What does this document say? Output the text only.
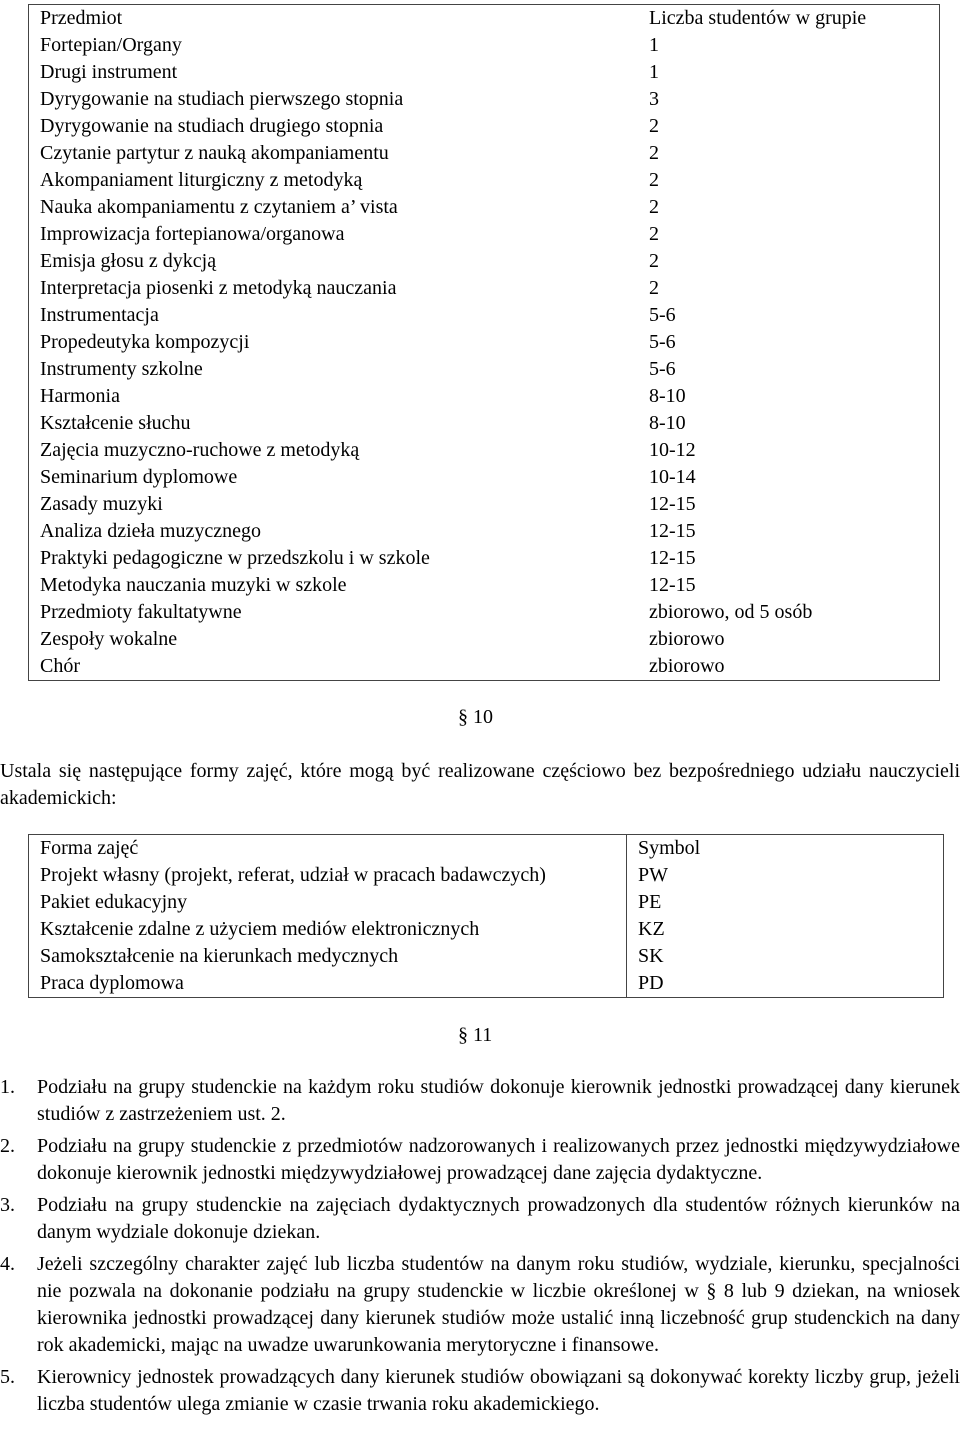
Przedmiot	Liczba studentów w grupie
Fortepian/Organy	1
Drugi instrument	1
Dyrygowanie na studiach pierwszego stopnia	3
Dyrygowanie na studiach drugiego stopnia	2
Czytanie partytur z nauką akompaniamentu	2
Akompaniament liturgiczny z metodyką	2
Nauka akompaniamentu z czytaniem a’ vista	2
Improwizacja fortepianowa/organowa	2
Emisja głosu z dykcją	2
Interpretacja piosenki z metodyką nauczania	2
Instrumentacja	5-6
Propedeutyka kompozycji	5-6
Instrumenty szkolne	5-6
Harmonia	8-10
Kształcenie słuchu	8-10
Zajęcia muzyczno-ruchowe z metodyką	10-12
Seminarium dyplomowe	10-14
Zasady muzyki	12-15
Analiza dzieła muzycznego	12-15
Praktyki pedagogiczne w przedszkolu i w szkole	12-15
Metodyka nauczania muzyki w szkole	12-15
Przedmioty fakultatywne	zbiorowo, od 5 osób
Zespoły wokalne	zbiorowo
Chór	zbiorowo
§ 10
Ustala się następujące formy zajęć, które mogą być realizowane częściowo bez bezpośredniego udziału nauczycieli akademickich:
Forma zajęć	Symbol
Projekt własny (projekt, referat, udział w pracach badawczych)	PW
Pakiet edukacyjny	PE
Kształcenie zdalne z użyciem mediów elektronicznych	KZ
Samokształcenie na kierunkach medycznych	SK
Praca dyplomowa	PD
§ 11
1. Podziału na grupy studenckie na każdym roku studiów dokonuje kierownik jednostki prowadzącej dany kierunek studiów z zastrzeżeniem ust. 2.
2. Podziału na grupy studenckie z przedmiotów nadzorowanych i realizowanych przez jednostki międzywydziałowe dokonuje kierownik jednostki międzywydziałowej prowadzącej dane zajęcia dydaktyczne.
3. Podziału na grupy studenckie na zajęciach dydaktycznych prowadzonych dla studentów różnych kierunków na danym wydziale dokonuje dziekan.
4. Jeżeli szczególny charakter zajęć lub liczba studentów na danym roku studiów, wydziale, kierunku, specjalności nie pozwala na dokonanie podziału na grupy studenckie w liczbie określonej w § 8 lub 9 dziekan, na wniosek kierownika jednostki prowadzącej dany kierunek studiów może ustalić inną liczebność grup studenckich na dany rok akademicki, mając na uwadze uwarunkowania merytoryczne i finansowe.
5. Kierownicy jednostek prowadzących dany kierunek studiów obowiązani są dokonywać korekty liczby grup, jeżeli liczba studentów ulega zmianie w czasie trwania roku akademickiego.
